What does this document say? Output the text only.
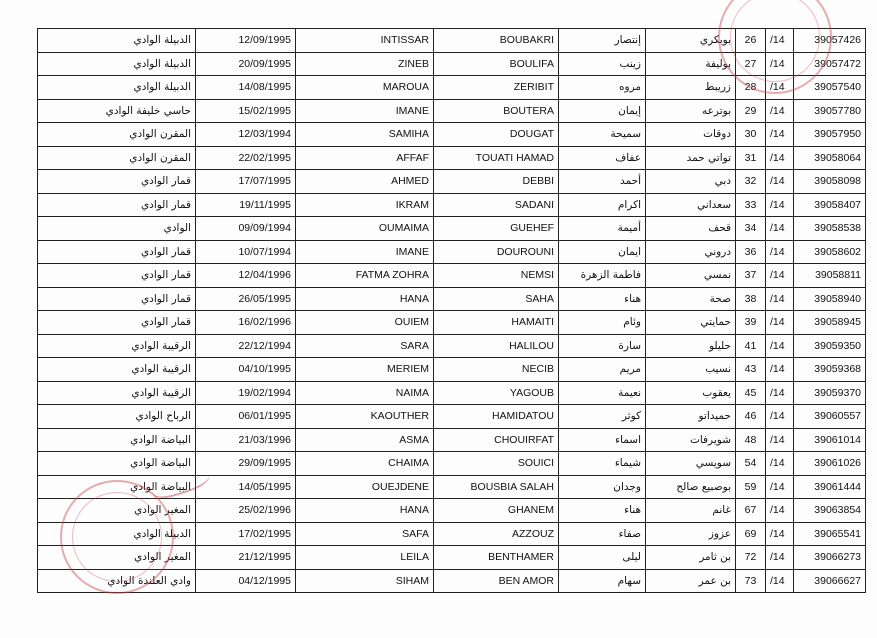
الدبيلة الوادي	12/09/1995	INTISSAR	BOUBAKRI	إنتصار	بوبكري	26	/14	39057426
الدبيلة الوادي	20/09/1995	ZINEB	BOULIFA	زينب	بوليفة	27	/14	39057472
الدبيلة الوادي	14/08/1995	MAROUA	ZERIBIT	مروه	زريبط	28	/14	39057540
حاسي خليفة الوادي	15/02/1995	IMANE	BOUTERA	إيمان	بوترعه	29	/14	39057780
المقرن الوادي	12/03/1994	SAMIHA	DOUGAT	سميحة	دوقات	30	/14	39057950
المقرن الوادي	22/02/1995	AFFAF	TOUATI HAMAD	عفاف	تواتي حمد	31	/14	39058064
قمار الوادي	17/07/1995	AHMED	DEBBI	أحمد	دبي	32	/14	39058098
قمار الوادي	19/11/1995	IKRAM	SADANI	اكرام	سعداني	33	/14	39058407
الوادي	09/09/1994	OUMAIMA	GUEHEF	أميمة	قحف	34	/14	39058538
قمار الوادي	10/07/1994	IMANE	DOUROUNI	ايمان	دروني	36	/14	39058602
قمار الوادي	12/04/1996	FATMA ZOHRA	NEMSI	فاطمة الزهرة	نمسي	37	/14	39058811
قمار الوادي	26/05/1995	HANA	SAHA	هناء	صحة	38	/14	39058940
قمار الوادي	16/02/1996	OUIEM	HAMAITI	وئام	حمايتي	39	/14	39058945
الرقيبة الوادي	22/12/1994	SARA	HALILOU	سارة	حليلو	41	/14	39059350
الرقيبة الوادي	04/10/1995	MERIEM	NECIB	مريم	نسيب	43	/14	39059368
الرقيبة الوادي	19/02/1994	NAIMA	YAGOUB	نعيمة	يعقوب	45	/14	39059370
الرباح الوادي	06/01/1995	KAOUTHER	HAMIDATOU	كوثر	حميداتو	46	/14	39060557
البياضة الوادي	21/03/1996	ASMA	CHOUIRFAT	اسماء	شويرفات	48	/14	39061014
البياضة الوادي	29/09/1995	CHAIMA	SOUICI	شيماء	سويسي	54	/14	39061026
البياضة الوادي	14/05/1995	OUEJDENE	BOUSBIA SALAH	وجدان	بوصبيع صالح	59	/14	39061444
المغير الوادي	25/02/1996	HANA	GHANEM	هناء	غانم	67	/14	39063854
الدبيلة الوادي	17/02/1995	SAFA	AZZOUZ	صفاء	عزوز	69	/14	39065541
المغير الوادي	21/12/1995	LEILA	BENTHAMER	ليلى	بن ثامر	72	/14	39066273
وادي العلندة الوادي	04/12/1995	SIHAM	BEN AMOR	سهام	بن عمر	73	/14	39066627
